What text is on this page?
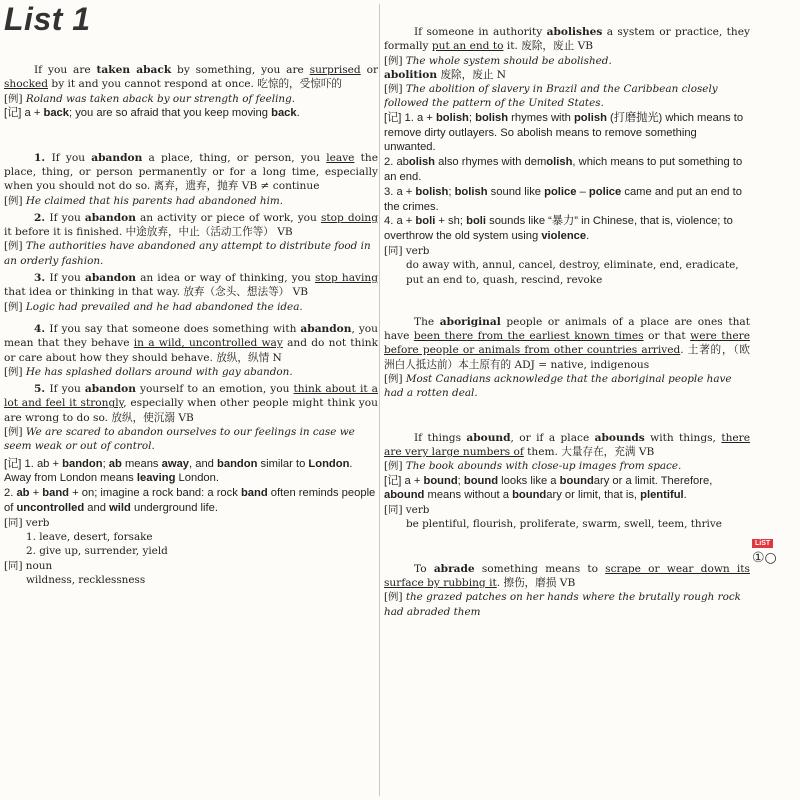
List 1

If you are taken aback by something, you are surprised or shocked by it and you cannot respond at once. 吃惊的，受惊吓的

[例] Roland was taken aback by our strength of feeling.

[记] a + back; you are so afraid that you keep moving back.

1. If you abandon a place, thing, or person, you leave the place, thing, or person permanently or for a long time, especially when you should not do so. 离弃，遗弃，抛弃 VB ≠ continue

[例] He claimed that his parents had abandoned him.

2. If you abandon an activity or piece of work, you stop doing it before it is finished. 中途放弃，中止（活动工作等） VB

[例] The authorities have abandoned any attempt to distribute food in an orderly fashion.

3. If you abandon an idea or way of thinking, you stop having that idea or thinking in that way. 放弃（念头、想法等） VB

[例] Logic had prevailed and he had abandoned the idea.

4. If you say that someone does something with abandon, you mean that they behave in a wild, uncontrolled way and do not think or care about how they should behave. 放纵，纵情 N

[例] He has splashed dollars around with gay abandon.

5. If you abandon yourself to an emotion, you think about it a lot and feel it strongly, especially when other people might think you are wrong to do so. 放纵，使沉溺 VB

[例] We are scared to abandon ourselves to our feelings in case we seem weak or out of control.

[记] 1. ab + bandon; ab means away, and bandon similar to London. Away from London means leaving London.

2. ab + band + on; imagine a rock band: a rock band often reminds people of uncontrolled and wild underground life.

[同] verb

1. leave, desert, forsake

2. give up, surrender, yield

[同] noun

wildness, recklessness

If someone in authority abolishes a system or practice, they formally put an end to it. 废除，废止 VB

[例] The whole system should be abolished.

abolition 废除，废止 N

[例] The abolition of slavery in Brazil and the Caribbean closely followed the pattern of the United States.

[记] 1. a + bolish; bolish rhymes with polish (打磨抛光) which means to remove dirty outlayers. So abolish means to remove something unwanted.

2. abolish also rhymes with demolish, which means to put something to an end.

3. a + bolish; bolish sound like police – police came and put an end to the crimes.

4. a + boli + sh; boli sounds like “暴力” in Chinese, that is, violence; to overthrow the old system using violence.

[同] verb

do away with, annul, cancel, destroy, eliminate, end, eradicate, put an end to, quash, rescind, revoke

The aboriginal people or animals of a place are ones that have been there from the earliest known times or that were there before people or animals from other countries arrived. 土著的，（欧洲白人抵达前）本土原有的 ADJ = native, indigenous

[例] Most Canadians acknowledge that the aboriginal people have had a rotten deal.

If things abound, or if a place abounds with things, there are very large numbers of them. 大量存在，充满 VB

[例] The book abounds with close-up images from space.

[记] a + bound; bound looks like a boundary or a limit. Therefore, abound means without a boundary or limit, that is, plentiful.

[同] verb

be plentiful, flourish, proliferate, swarm, swell, teem, thrive

To abrade something means to scrape or wear down its surface by rubbing it. 擦伤，磨损 VB

[例] the grazed patches on her hands where the brutally rough rock had abraded them

LiST
①○
